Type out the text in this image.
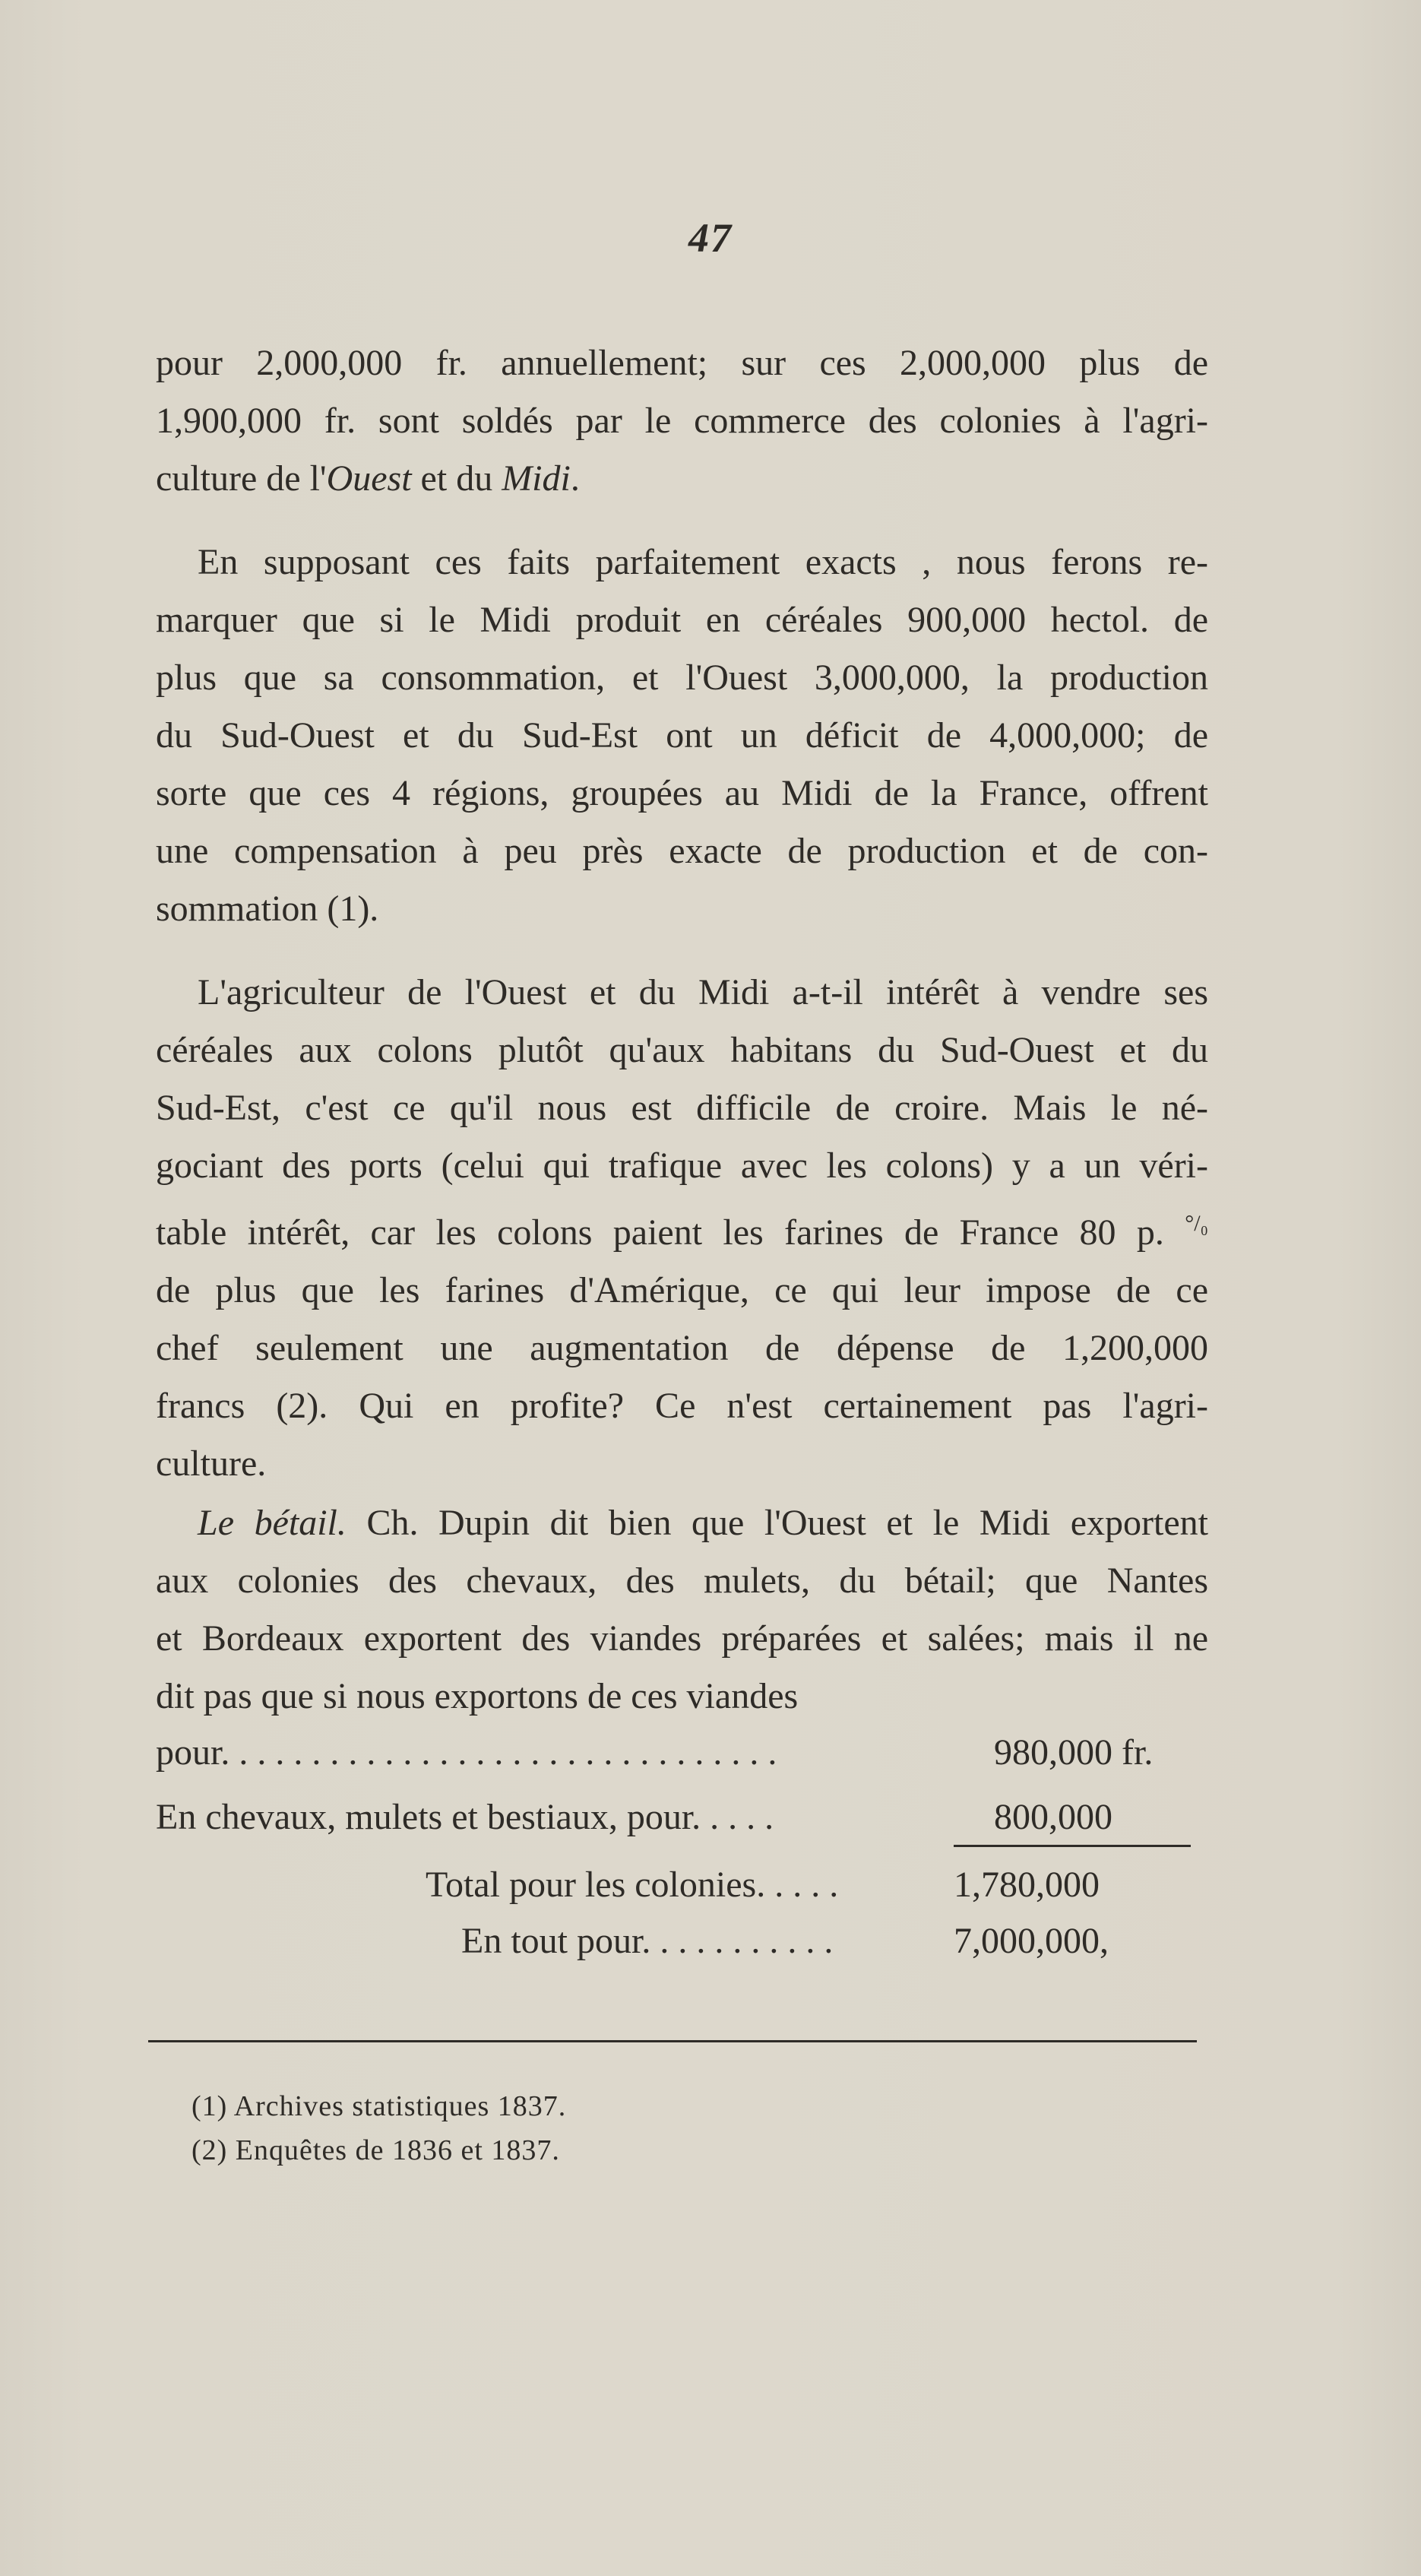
47
pour 2,000,000 fr. annuellement; sur ces 2,000,000 plus de
1,900,000 fr. sont soldés par le commerce des colonies à l'agri-
culture de l'Ouest et du Midi.
En supposant ces faits parfaitement exacts , nous ferons re-
marquer que si le Midi produit en céréales 900,000 hectol. de
plus que sa consommation, et l'Ouest 3,000,000, la production
du Sud-Ouest et du Sud-Est ont un déficit de 4,000,000; de
sorte que ces 4 régions, groupées au Midi de la France, offrent
une compensation à peu près exacte de production et de con-
sommation (1).
L'agriculteur de l'Ouest et du Midi a-t-il intérêt à vendre ses
céréales aux colons plutôt qu'aux habitans du Sud-Ouest et du
Sud-Est, c'est ce qu'il nous est difficile de croire. Mais le né-
gociant des ports (celui qui trafique avec les colons) y a un véri-
table intérêt, car les colons paient les farines de France 80 p. $^{^\circ/_0}$
de plus que les farines d'Amérique, ce qui leur impose de ce
chef seulement une augmentation de dépense de 1,200,000
francs (2). Qui en profite? Ce n'est certainement pas l'agri-
culture.
Le bétail. Ch. Dupin dit bien que l'Ouest et le Midi exportent
aux colonies des chevaux, des mulets, du bétail; que Nantes
et Bordeaux exportent des viandes préparées et salées; mais il ne
dit pas que si nous exportons de ces viandes
pour. . . . . . . . . . . . . . . . . . . . . . . . . . . . . . .	980,000 fr.
En chevaux, mulets et bestiaux, pour. . . . .	800,000
Total pour les colonies. . . . .	1,780,000
En tout pour. . . . . . . . . . .	7,000,000,
(1) Archives statistiques 1837.
(2) Enquêtes de 1836 et 1837.
